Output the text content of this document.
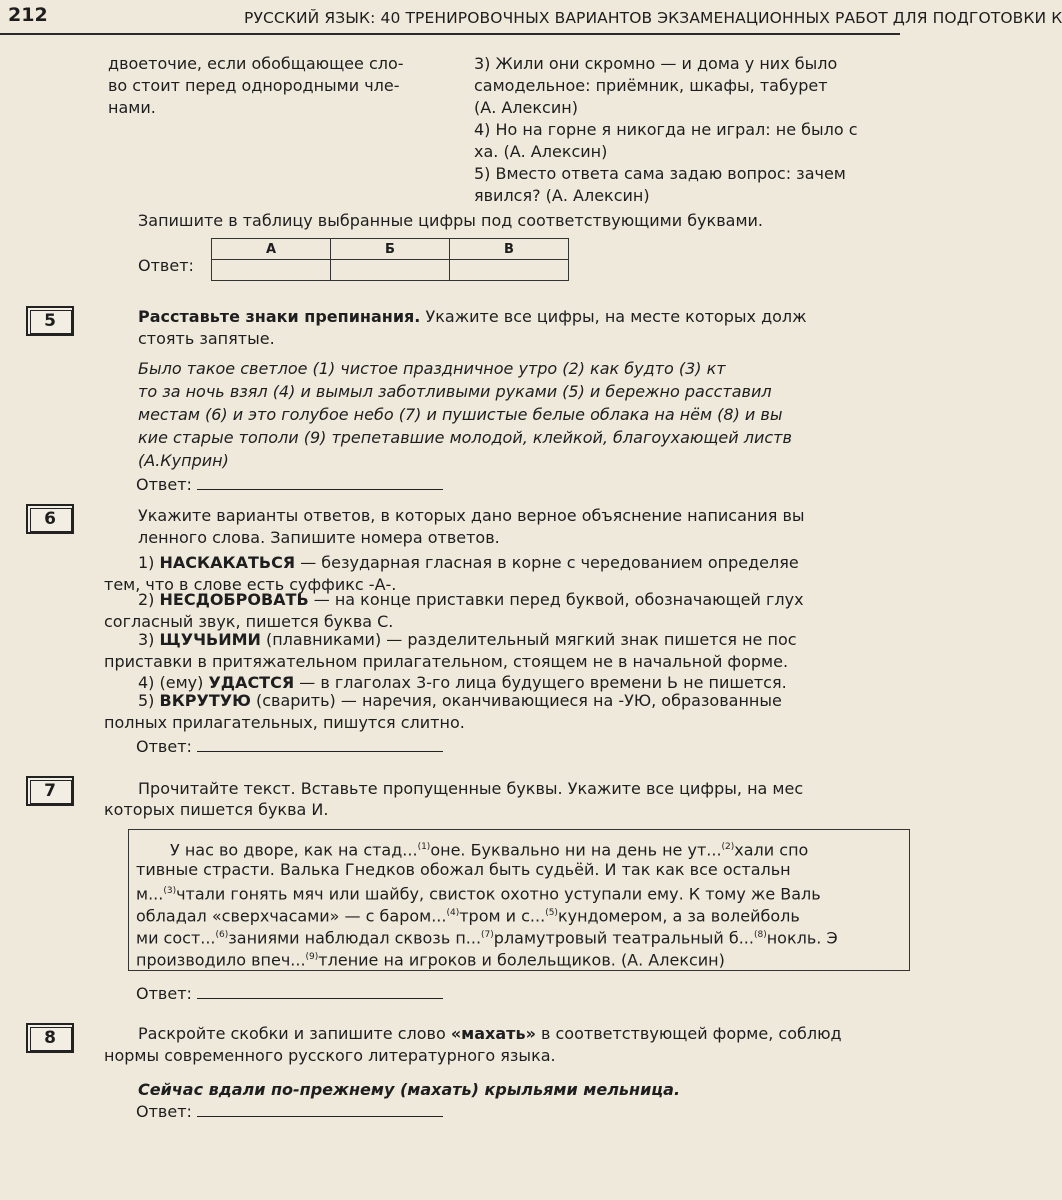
212	РУССКИЙ ЯЗЫК: 40 ТРЕНИРОВОЧНЫХ ВАРИАНТОВ ЭКЗАМЕНАЦИОННЫХ РАБОТ ДЛЯ ПОДГОТОВКИ К
двоеточие, если обобщающее сло-
во стоит перед однородными чле-
нами.
3) Жили они скромно — и дома у них было
самодельное: приёмник, шкафы, табурет
(А. Алексин)
4) Но на горне я никогда не играл: не было с
ха. (А. Алексин)
5) Вместо ответа сама задаю вопрос: зачем
явился? (А. Алексин)
Запишите в таблицу выбранные цифры под соответствующими буквами.
Ответ:
А	Б	В

5	Расставьте знаки препинания. Укажите все цифры, на месте которых долж
стоять запятые.
Было такое светлое (1) чистое праздничное утро (2) как будто (3) кт
то за ночь взял (4) и вымыл заботливыми руками (5) и бережно расставил
местам (6) и это голубое небо (7) и пушистые белые облака на нём (8) и вы
кие старые тополи (9) трепетавшие молодой, клейкой, благоухающей листв
(А.Куприн)
Ответ:
6	Укажите варианты ответов, в которых дано верное объяснение написания вы
ленного слова. Запишите номера ответов.
1) НАСКАКАТЬСЯ — безударная гласная в корне с чередованием определяе
тем, что в слове есть суффикс -А-.
2) НЕСДОБРОВАТЬ — на конце приставки перед буквой, обозначающей глух
согласный звук, пишется буква С.
3) ЩУЧЬИМИ (плавниками) — разделительный мягкий знак пишется не пос
приставки в притяжательном прилагательном, стоящем не в начальной форме.
4) (ему) УДАСТСЯ — в глаголах 3-го лица будущего времени Ь не пишется.
5) ВКРУТУЮ (сварить) — наречия, оканчивающиеся на -УЮ, образованные
полных прилагательных, пишутся слитно.
Ответ:
7	Прочитайте текст. Вставьте пропущенные буквы. Укажите все цифры, на мес
которых пишется буква И.
У нас во дворе, как на стад...$^{(1)}$оне. Буквально ни на день не ут...$^{(2)}$хали спо
тивные страсти. Валька Гнедков обожал быть судьёй. И так как все остальн
м...$^{(3)}$чтали гонять мяч или шайбу, свисток охотно уступали ему. К тому же Валь
обладал «сверхчасами» — с баром...$^{(4)}$тром и с...$^{(5)}$кундомером, а за волейболь
ми сост...$^{(6)}$заниями наблюдал сквозь п...$^{(7)}$рламутровый театральный б...$^{(8)}$нокль. Э
производило впеч...$^{(9)}$тление на игроков и болельщиков. (А. Алексин)
Ответ:
8	Раскройте скобки и запишите слово «махать» в соответствующей форме, соблюд
нормы современного русского литературного языка.
Сейчас вдали по-прежнему (махать) крыльями мельница.
Ответ:
